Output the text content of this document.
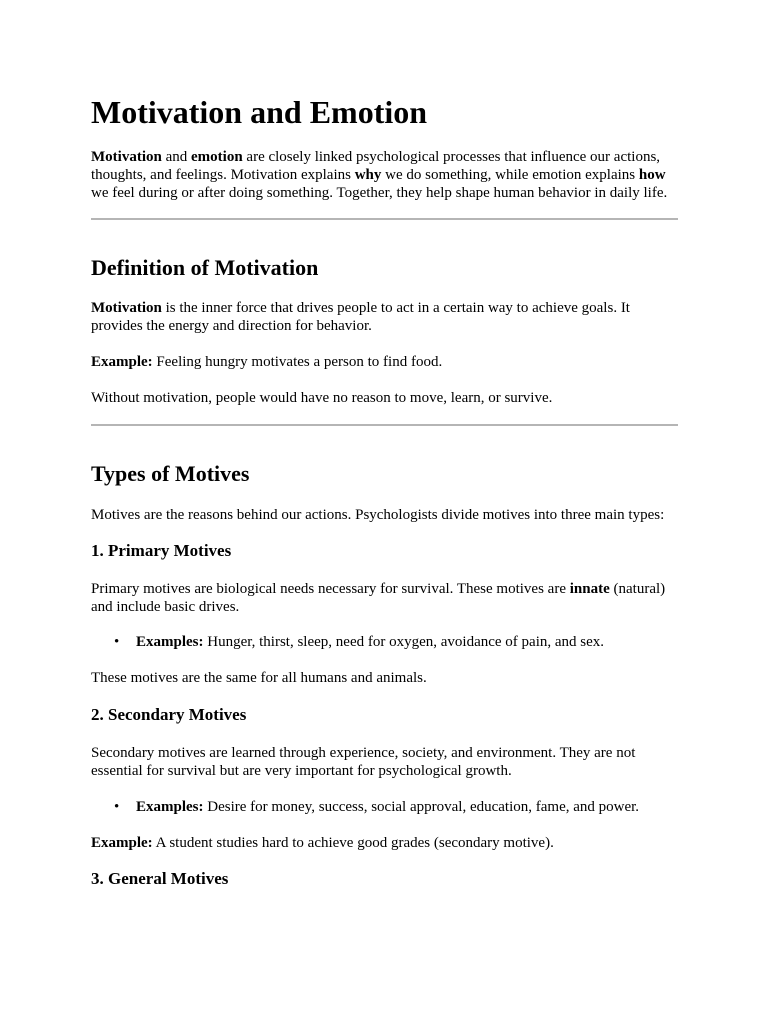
Motivation and Emotion

Motivation and emotion are closely linked psychological processes that influence our actions, thoughts, and feelings. Motivation explains why we do something, while emotion explains how we feel during or after doing something. Together, they help shape human behavior in daily life.

Definition of Motivation

Motivation is the inner force that drives people to act in a certain way to achieve goals. It provides the energy and direction for behavior.

Example: Feeling hungry motivates a person to find food.

Without motivation, people would have no reason to move, learn, or survive.

Types of Motives

Motives are the reasons behind our actions. Psychologists divide motives into three main types:

1. Primary Motives

Primary motives are biological needs necessary for survival. These motives are innate (natural) and include basic drives.

• Examples: Hunger, thirst, sleep, need for oxygen, avoidance of pain, and sex.

These motives are the same for all humans and animals.

2. Secondary Motives

Secondary motives are learned through experience, society, and environment. They are not essential for survival but are very important for psychological growth.

• Examples: Desire for money, success, social approval, education, fame, and power.

Example: A student studies hard to achieve good grades (secondary motive).

3. General Motives
